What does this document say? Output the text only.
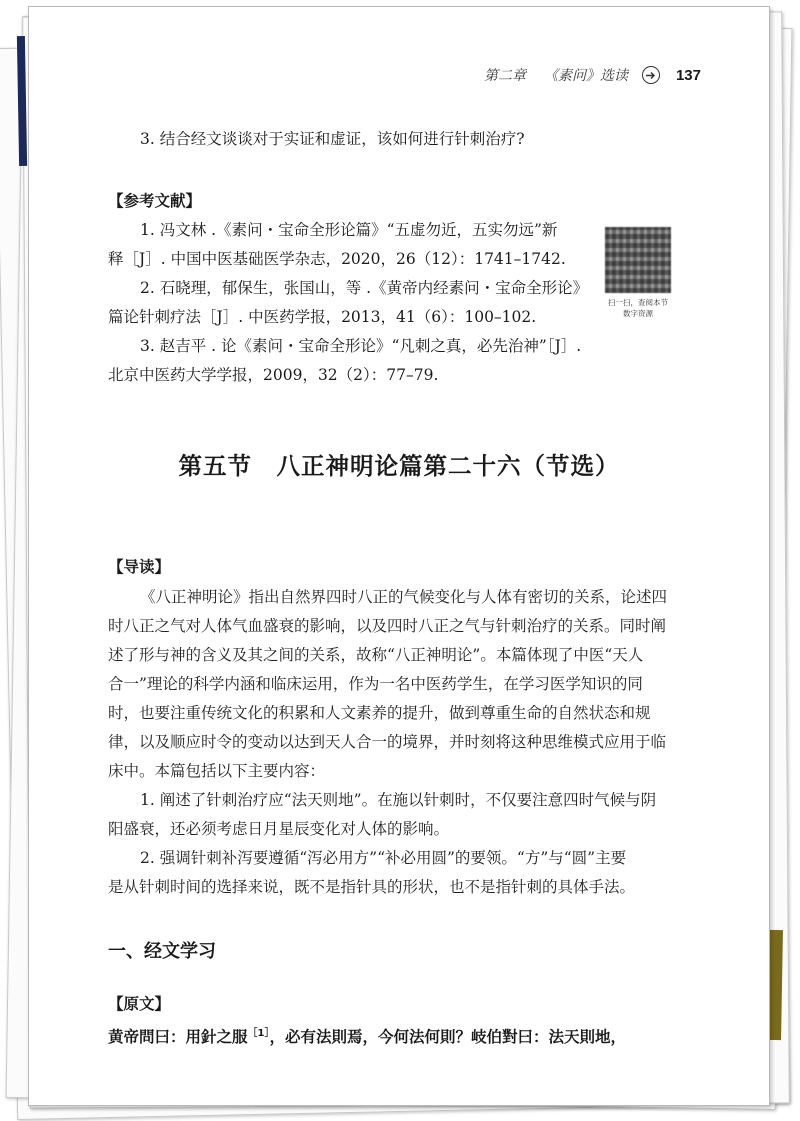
第二章 《素问》选读	137
3. 结合经文谈谈对于实证和虚证，该如何进行针刺治疗?
【参考文献】
1. 冯文林 .《素问・宝命全形论篇》“五虚勿近，五实勿远”新
释［J］. 中国中医基础医学杂志，2020，26（12）：1741–1742.
2. 石晓理，郁保生，张国山，等 .《黄帝内经素问・宝命全形论》
篇论针刺疗法［J］. 中医药学报，2013，41（6）：100–102.
3. 赵吉平 . 论《素问・宝命全形论》“凡刺之真，必先治神”［J］.
北京中医药大学学报，2009，32（2）：77–79.
扫一扫，查阅本节
数字资源
第五节　八正神明论篇第二十六（节选）
【导读】
《八正神明论》指出自然界四时八正的气候变化与人体有密切的关系，论述四
时八正之气对人体气血盛衰的影响，以及四时八正之气与针刺治疗的关系。同时阐
述了形与神的含义及其之间的关系，故称“八正神明论”。本篇体现了中医“天人
合一”理论的科学内涵和临床运用，作为一名中医药学生，在学习医学知识的同
时，也要注重传统文化的积累和人文素养的提升，做到尊重生命的自然状态和规
律，以及顺应时令的变动以达到天人合一的境界，并时刻将这种思维模式应用于临
床中。本篇包括以下主要内容：
1. 阐述了针刺治疗应“法天则地”。在施以针刺时，不仅要注意四时气候与阴
阳盛衰，还必须考虑日月星辰变化对人体的影响。
2. 强调针刺补泻要遵循“泻必用方”“补必用圆”的要领。“方”与“圆”主要
是从针刺时间的选择来说，既不是指针具的形状，也不是指针刺的具体手法。
一、经文学习
【原文】
黄帝問曰：用針之服$^{[1]}$，必有法則焉，今何法何則？岐伯對曰：法天則地，
